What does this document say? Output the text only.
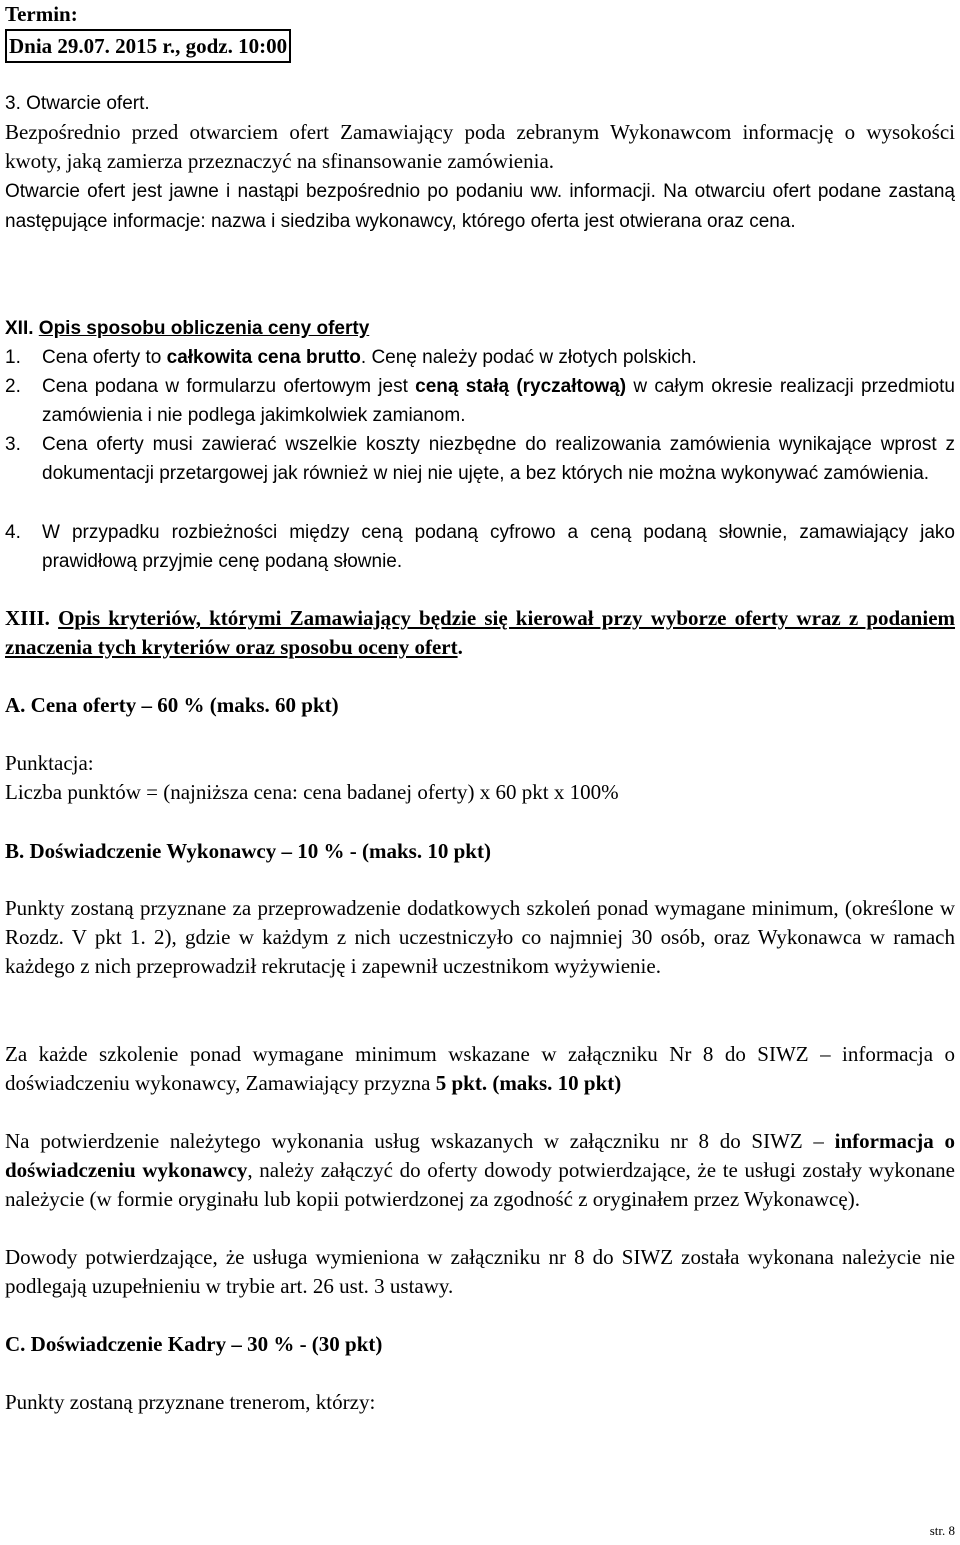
Termin:

Dnia 29.07. 2015 r., godz. 10:00

3. Otwarcie ofert.

Bezpośrednio przed otwarciem ofert Zamawiający poda zebranym Wykonawcom informację o wysokości kwoty, jaką zamierza przeznaczyć na sfinansowanie zamówienia.

Otwarcie ofert jest jawne i nastąpi bezpośrednio po podaniu ww. informacji. Na otwarciu ofert podane zastaną następujące informacje: nazwa i siedziba wykonawcy, którego oferta jest otwierana oraz cena.

XII. Opis sposobu obliczenia ceny oferty

1. Cena oferty to całkowita cena brutto. Cenę należy podać w złotych polskich.

2. Cena podana w formularzu ofertowym jest ceną stałą (ryczałtową) w całym okresie realizacji przedmiotu zamówienia i nie podlega jakimkolwiek zamianom.

3. Cena oferty musi zawierać wszelkie koszty niezbędne do realizowania zamówienia wynikające wprost z dokumentacji przetargowej jak również w niej nie ujęte, a bez których nie można wykonywać zamówienia.

4. W przypadku rozbieżności między ceną podaną cyfrowo a ceną podaną słownie, zamawiający jako prawidłową przyjmie cenę podaną słownie.

XIII. Opis kryteriów, którymi Zamawiający będzie się kierował przy wyborze oferty wraz z podaniem znaczenia tych kryteriów oraz sposobu oceny ofert.

A. Cena oferty – 60 % (maks. 60 pkt)

Punktacja:

Liczba punktów = (najniższa cena: cena badanej oferty) x 60 pkt x 100%

B. Doświadczenie Wykonawcy – 10 % - (maks. 10 pkt)

Punkty zostaną przyznane za przeprowadzenie dodatkowych szkoleń ponad wymagane minimum, (określone w Rozdz. V pkt 1. 2), gdzie w każdym z nich uczestniczyło co najmniej 30 osób, oraz Wykonawca w ramach każdego z nich przeprowadził rekrutację i zapewnił uczestnikom wyżywienie.

Za każde szkolenie ponad wymagane minimum wskazane w załączniku Nr 8 do SIWZ – informacja o doświadczeniu wykonawcy, Zamawiający przyzna 5 pkt. (maks. 10 pkt)

Na potwierdzenie należytego wykonania usług wskazanych w załączniku nr 8 do SIWZ – informacja o doświadczeniu wykonawcy, należy załączyć do oferty dowody potwierdzające, że te usługi zostały wykonane należycie (w formie oryginału lub kopii potwierdzonej za zgodność z oryginałem przez Wykonawcę).

Dowody potwierdzające, że usługa wymieniona w załączniku nr 8 do SIWZ została wykonana należycie nie podlegają uzupełnieniu w trybie art. 26 ust. 3 ustawy.

C. Doświadczenie Kadry – 30 % - (30 pkt)

Punkty zostaną przyznane trenerom, którzy:

str. 8
